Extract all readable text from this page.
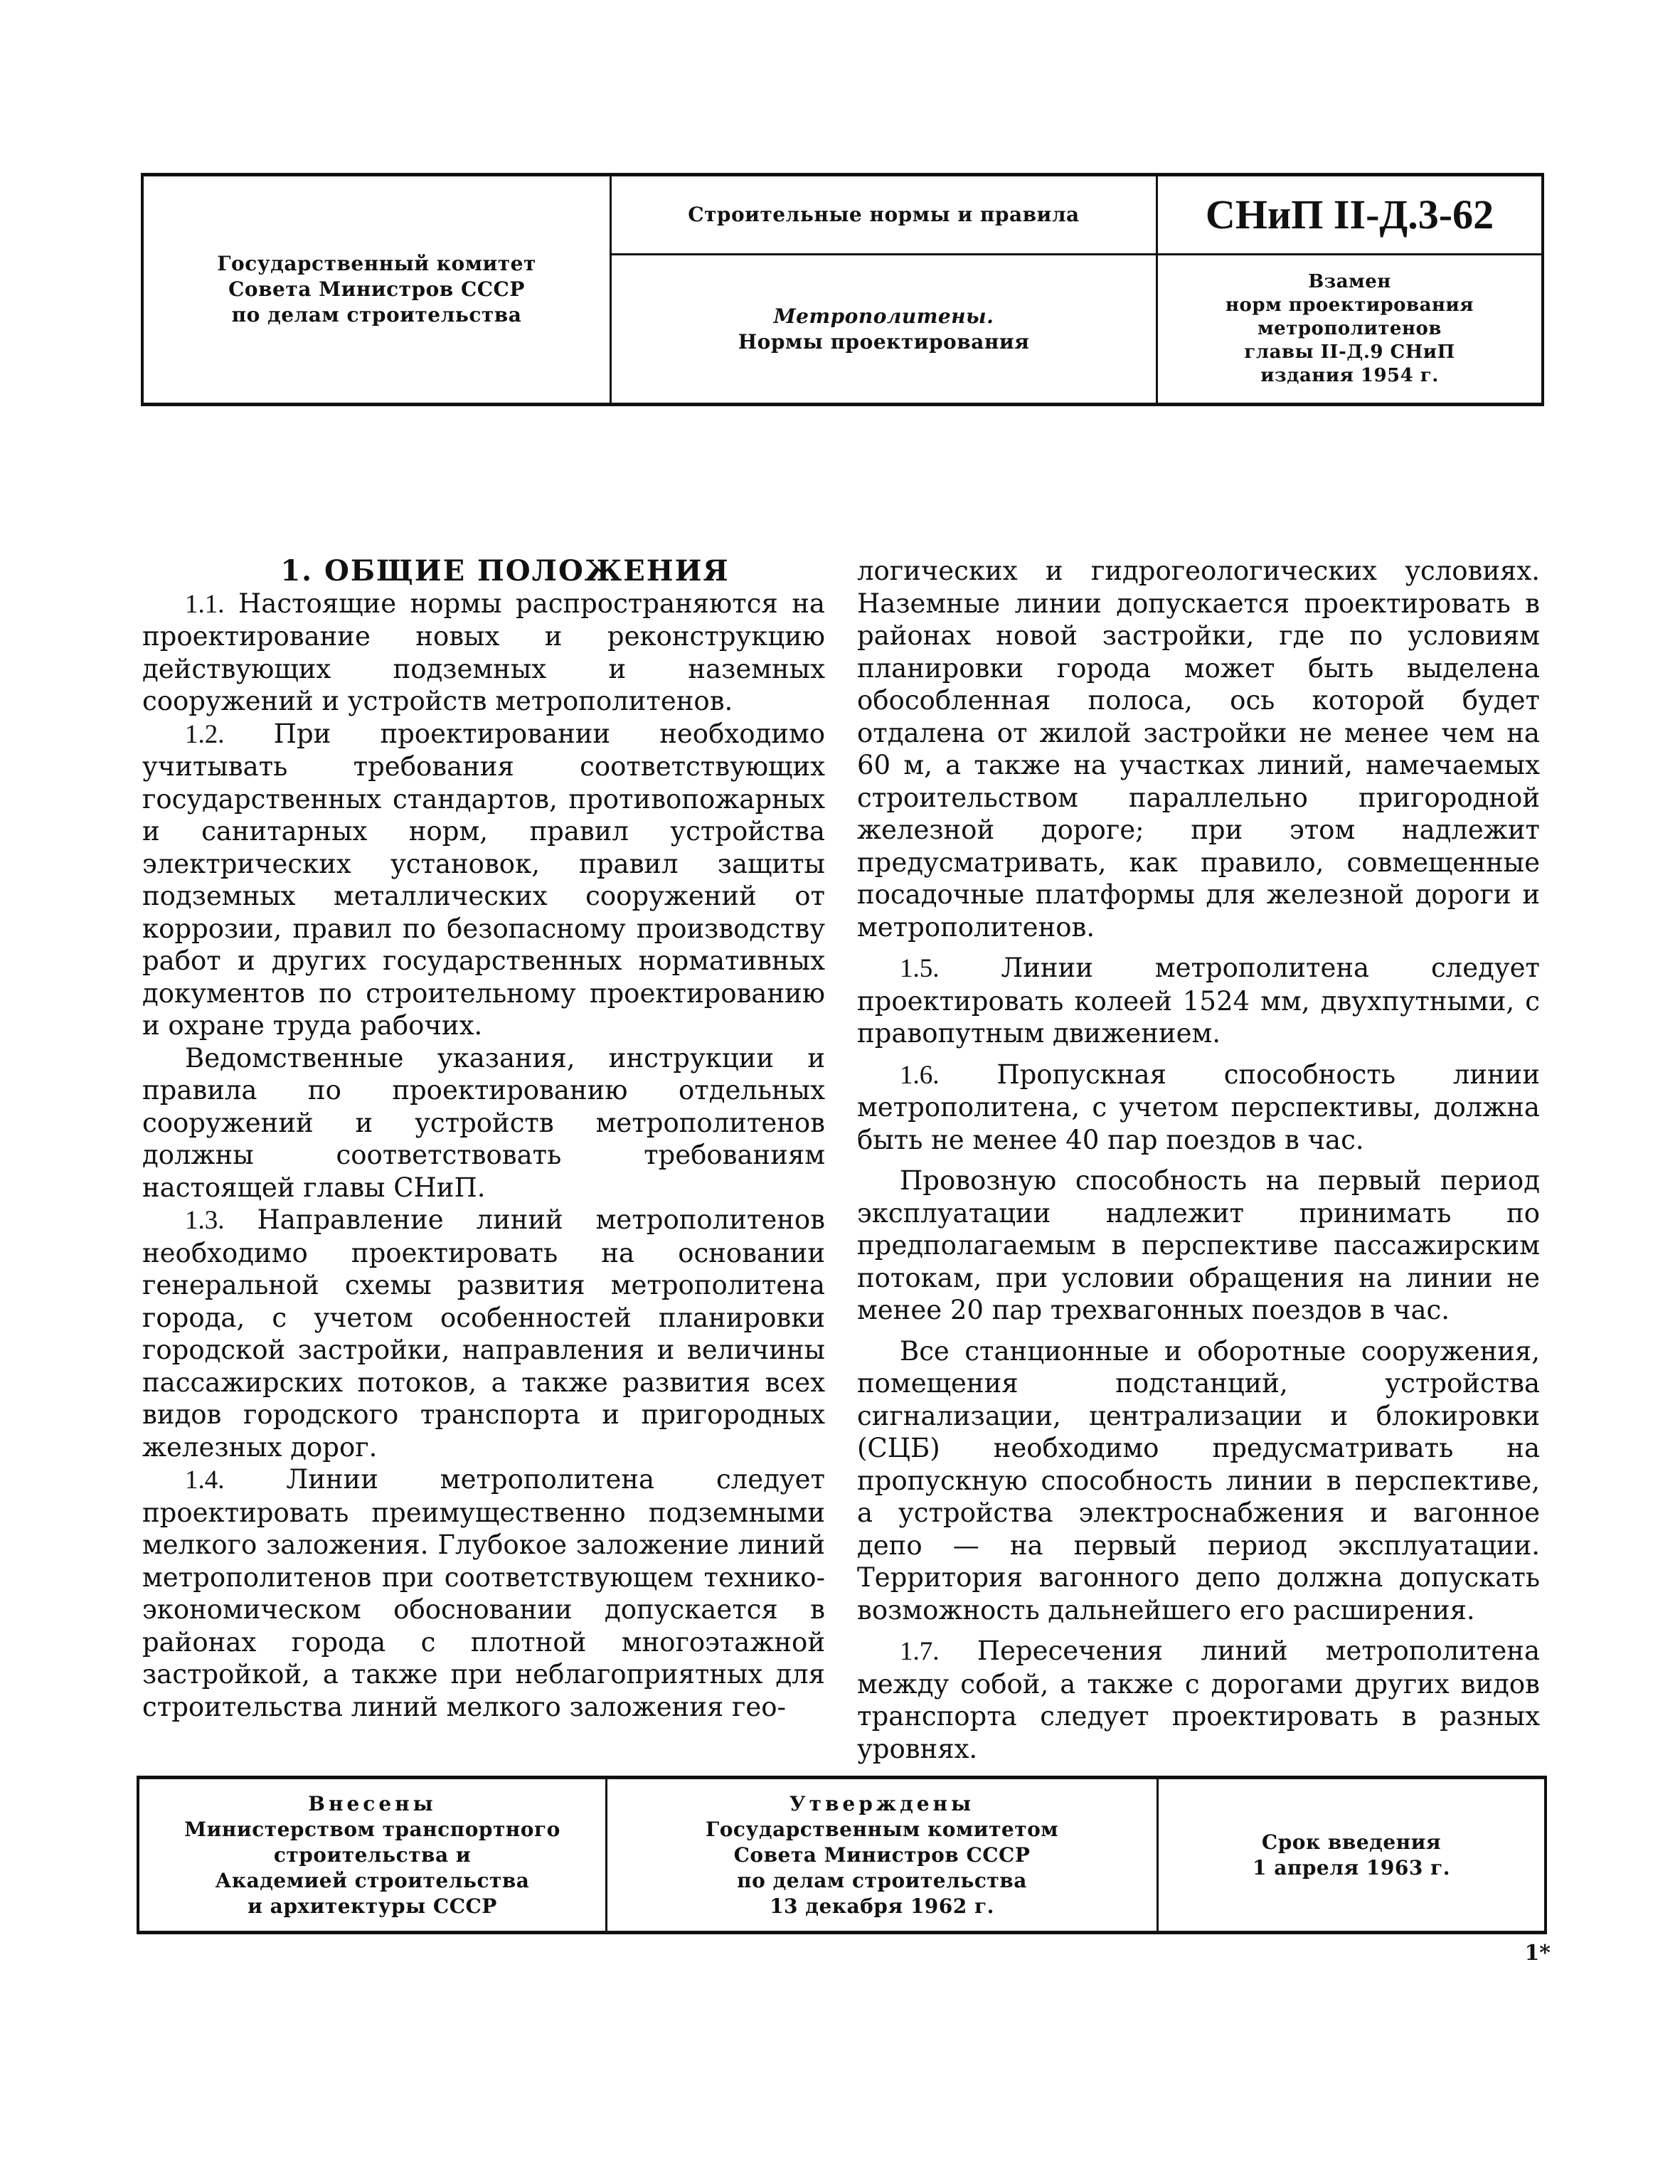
Государственный комитет
Совета Министров СССР
по делам строительства
Строительные нормы и правила
Метрополитены.
Нормы проектирования
СНиП II-Д.3-62
Взамен
норм проектирования
метрополитенов
главы II-Д.9 СНиП
издания 1954 г.

1. ОБЩИЕ ПОЛОЖЕНИЯ

1.1. Настоящие нормы распространяются на проектирование новых и реконструкцию действующих подземных и наземных сооружений и устройств метрополитенов.

1.2. При проектировании необходимо учитывать требования соответствующих государственных стандартов, противопожарных и санитарных норм, правил устройства электрических установок, правил защиты подземных металлических сооружений от коррозии, правил по безопасному производству работ и других государственных нормативных документов по строительному проектированию и охране труда рабочих.

Ведомственные указания, инструкции и правила по проектированию отдельных сооружений и устройств метрополитенов должны соответствовать требованиям настоящей главы СНиП.

1.3. Направление линий метрополитенов необходимо проектировать на основании генеральной схемы развития метрополитена города, с учетом особенностей планировки городской застройки, направления и величины пассажирских потоков, а также развития всех видов городского транспорта и пригородных железных дорог.

1.4. Линии метрополитена следует проектировать преимущественно подземными мелкого заложения. Глубокое заложение линий метрополитенов при соответствующем технико-экономическом обосновании допускается в районах города с плотной многоэтажной застройкой, а также при неблагоприятных для строительства линий мелкого заложения гео-

логических и гидрогеологических условиях. Наземные линии допускается проектировать в районах новой застройки, где по условиям планировки города может быть выделена обособленная полоса, ось которой будет отдалена от жилой застройки не менее чем на 60 м, а также на участках линий, намечаемых строительством параллельно пригородной железной дороге; при этом надлежит предусматривать, как правило, совмещенные посадочные платформы для железной дороги и метрополитенов.

1.5. Линии метрополитена следует проектировать колеей 1524 мм, двухпутными, с правопутным движением.

1.6. Пропускная способность линии метрополитена, с учетом перспективы, должна быть не менее 40 пар поездов в час.

Провозную способность на первый период эксплуатации надлежит принимать по предполагаемым в перспективе пассажирским потокам, при условии обращения на линии не менее 20 пар трехвагонных поездов в час.

Все станционные и оборотные сооружения, помещения подстанций, устройства сигнализации, централизации и блокировки (СЦБ) необходимо предусматривать на пропускную способность линии в перспективе, а устройства электроснабжения и вагонное депо — на первый период эксплуатации. Территория вагонного депо должна допускать возможность дальнейшего его расширения.

1.7. Пересечения линий метрополитена между собой, а также с дорогами других видов транспорта следует проектировать в разных уровнях.

Внесены
Министерством транспортного
строительства и
Академией строительства
и архитектуры СССР
Утверждены
Государственным комитетом
Совета Министров СССР
по делам строительства
13 декабря 1962 г.
Срок введения
1 апреля 1963 г.
1*
